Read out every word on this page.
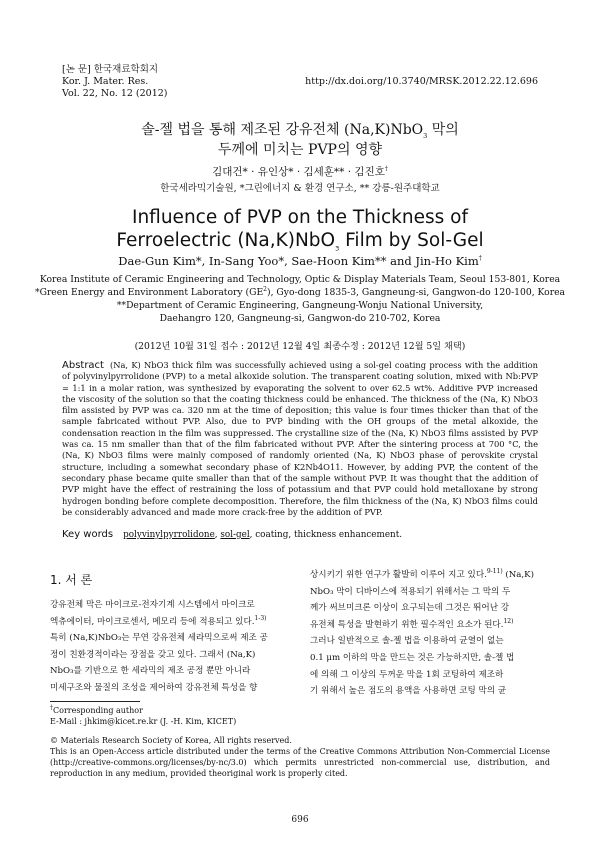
[논 문] 한국재료학회지
Kor. J. Mater. Res.
Vol. 22, No. 12 (2012)
http://dx.doi.org/10.3740/MRSK.2012.22.12.696
솔-젤 법을 통해 제조된 강유전체 (Na,K)NbO$_3$ 막의
두께에 미치는 PVP의 영향
김대건* · 유인상* · 김세훈** · 김진호†
한국세라믹기술원, *그린에너지 & 환경 연구소, ** 강릉-원주대학교
Influence of PVP on the Thickness of
Ferroelectric (Na,K)NbO$_3$ Film by Sol-Gel
Dae-Gun Kim*, In-Sang Yoo*, Sae-Hoon Kim** and Jin-Ho Kim†
Korea Institute of Ceramic Engineering and Technology, Optic & Display Materials Team, Seoul 153-801, Korea
*Green Energy and Environment Laboratory $(GE^2)$, Gyo-dong 1835-3, Gangneung-si, Gangwon-do 120-100, Korea
**Department of Ceramic Engineering, Gangneung-Wonju National University,
Daehangro 120, Gangneung-si, Gangwon-do 210-702, Korea
(2012년 10월 31일 접수 : 2012년 12월 4일 최종수정 : 2012년 12월 5일 채택)
Abstract (Na, K) NbO3 thick film was successfully achieved using a sol-gel coating process with the addition of polyvinylpyrrolidone (PVP) to a metal alkoxide solution. The transparent coating solution, mixed with Nb:PVP = 1:1 in a molar ration, was synthesized by evaporating the solvent to over 62.5 wt%. Additive PVP increased the viscosity of the solution so that the coating thickness could be enhanced. The thickness of the (Na, K) NbO3 film assisted by PVP was ca. 320 nm at the time of deposition; this value is four times thicker than that of the sample fabricated without PVP. Also, due to PVP binding with the OH groups of the metal alkoxide, the condensation reaction in the film was suppressed. The crystalline size of the (Na, K) NbO3 films assisted by PVP was ca. 15 nm smaller than that of the film fabricated without PVP. After the sintering process at 700 °C, the (Na, K) NbO3 films were mainly composed of randomly oriented (Na, K) NbO3 phase of perovskite crystal structure, including a somewhat secondary phase of K2Nb4O11. However, by adding PVP, the content of the secondary phase became quite smaller than that of the sample without PVP. It was thought that the addition of PVP might have the effect of restraining the loss of potassium and that PVP could hold metalloxane by strong hydrogen bonding before complete decomposition. Therefore, the film thickness of the (Na, K) NbO3 films could be considerably advanced and made more crack-free by the addition of PVP.
Key words polyvinylpyrrolidone, sol-gel, coating, thickness enhancement.
1. 서 론
강유전체 막은 마이크로-전자기계 시스템에서 마이크로
엑츄에이터, 마이크로센서, 메모리 등에 적용되고 있다.$^{1-3)}$
특히 (Na,K)NbO₃는 무연 강유전체 세라믹으로써 제조 공
정이 친환경적이라는 장점을 갖고 있다. 그래서 (Na,K)
NbO₃를 기반으로 한 세라믹의 제조 공정 뿐만 아니라
미세구조와 물질의 조성을 제어하여 강유전체 특성을 향
상시키기 위한 연구가 활발히 이루어 지고 있다.$^{9-11)}$ (Na,K)
NbO₃ 막이 디바이스에 적용되기 위해서는 그 막의 두
께가 써브미크론 이상이 요구되는데 그것은 뛰어난 강
유전체 특성을 발현하기 위한 필수적인 요소가 된다.$^{12)}$
그러나 일반적으로 솔-젤 법을 이용하여 균열이 없는
0.1 μm 이하의 막을 만드는 것은 가능하지만, 솔-젤 법
에 의해 그 이상의 두꺼운 막을 1회 코팅하여 제조하
기 위해서 높은 점도의 용액을 사용하면 코팅 막의 균
†Corresponding author
E-Mail : jhkim@kicet.re.kr (J. -H. Kim, KICET)
© Materials Research Society of Korea, All rights reserved.
This is an Open-Access article distributed under the terms of the Creative Commons Attribution Non-Commercial License (http://creative-commons.org/licenses/by-nc/3.0) which permits unrestricted non-commercial use, distribution, and reproduction in any medium, provided theoriginal work is properly cited.
696
